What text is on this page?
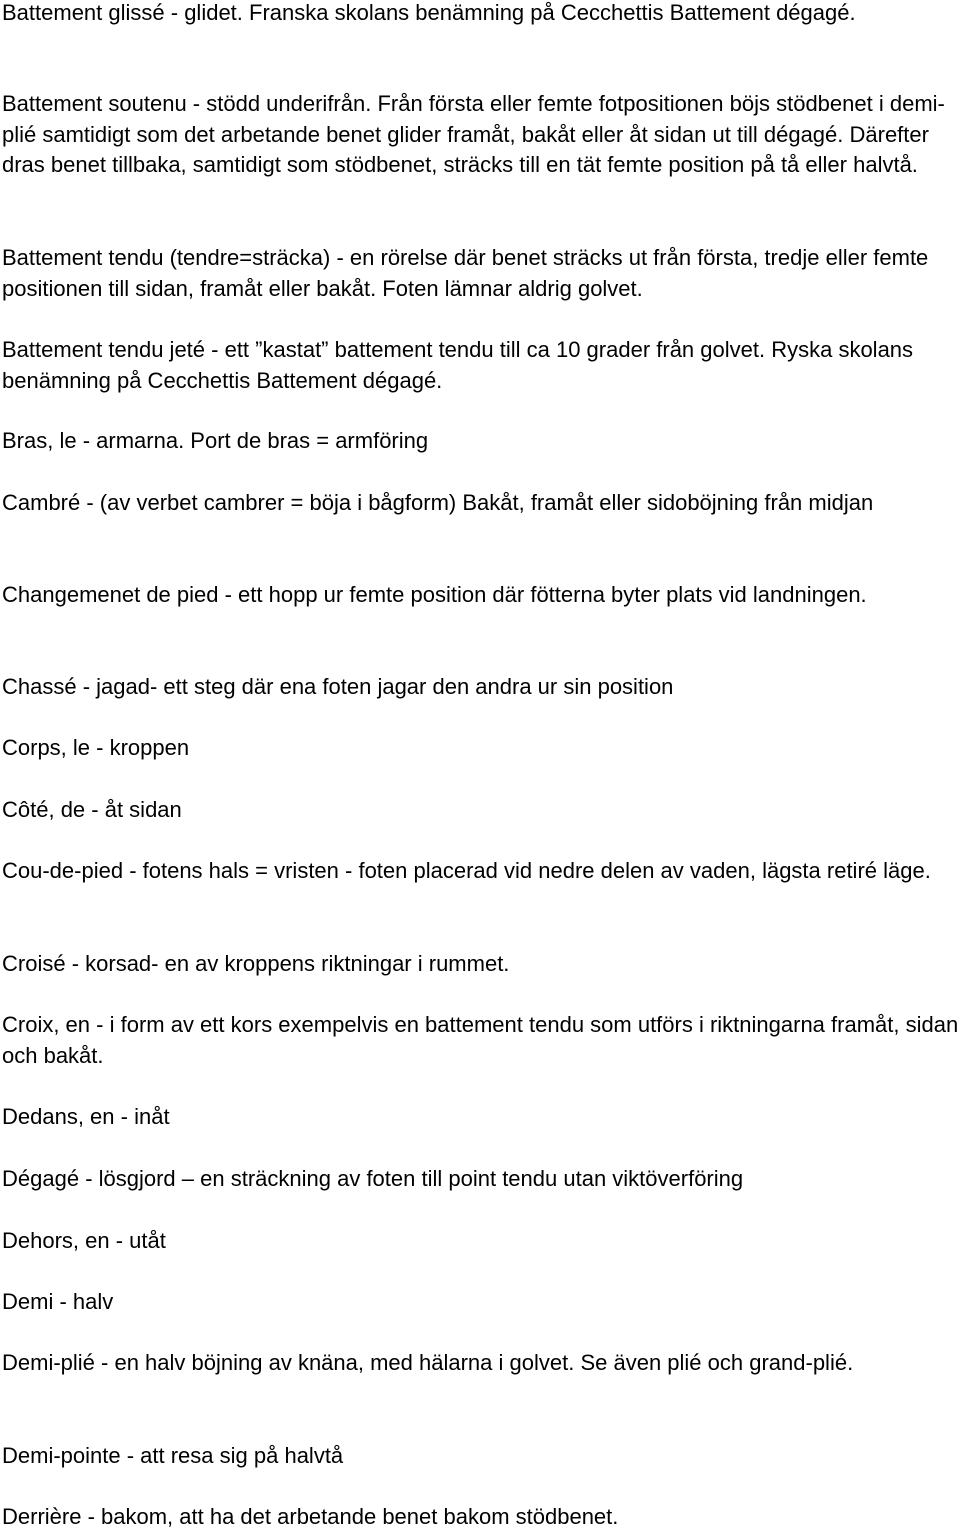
Battement glissé - glidet. Franska skolans benämning på Cecchettis Battement dégagé.

Battement soutenu - stödd underifrån. Från första eller femte fotpositionen böjs stödbenet i demi-plié samtidigt som det arbetande benet glider framåt, bakåt eller åt sidan ut till dégagé. Därefter dras benet tillbaka, samtidigt som stödbenet, sträcks till en tät femte position på tå eller halvtå.

Battement tendu (tendre=sträcka) - en rörelse där benet sträcks ut från första, tredje eller femte positionen till sidan, framåt eller bakåt. Foten lämnar aldrig golvet.

Battement tendu jeté - ett ”kastat” battement tendu till ca 10 grader från golvet. Ryska skolans benämning på Cecchettis Battement dégagé.

Bras, le - armarna. Port de bras = armföring

Cambré - (av verbet cambrer = böja i bågform) Bakåt, framåt eller sidoböjning från midjan

Changemenet de pied - ett hopp ur femte position där fötterna byter plats vid landningen.

Chassé - jagad- ett steg där ena foten jagar den andra ur sin position

Corps, le - kroppen

Côté, de - åt sidan

Cou-de-pied - fotens hals = vristen - foten placerad vid nedre delen av vaden, lägsta retiré läge.

Croisé - korsad- en av kroppens riktningar i rummet.

Croix, en - i form av ett kors exempelvis en battement tendu som utförs i riktningarna framåt, sidan och bakåt.

Dedans, en - inåt

Dégagé - lösgjord – en sträckning av foten till point tendu utan viktöverföring

Dehors, en - utåt

Demi - halv

Demi-plié - en halv böjning av knäna, med hälarna i golvet. Se även plié och grand-plié.

Demi-pointe - att resa sig på halvtå

Derrière - bakom, att ha det arbetande benet bakom stödbenet.
